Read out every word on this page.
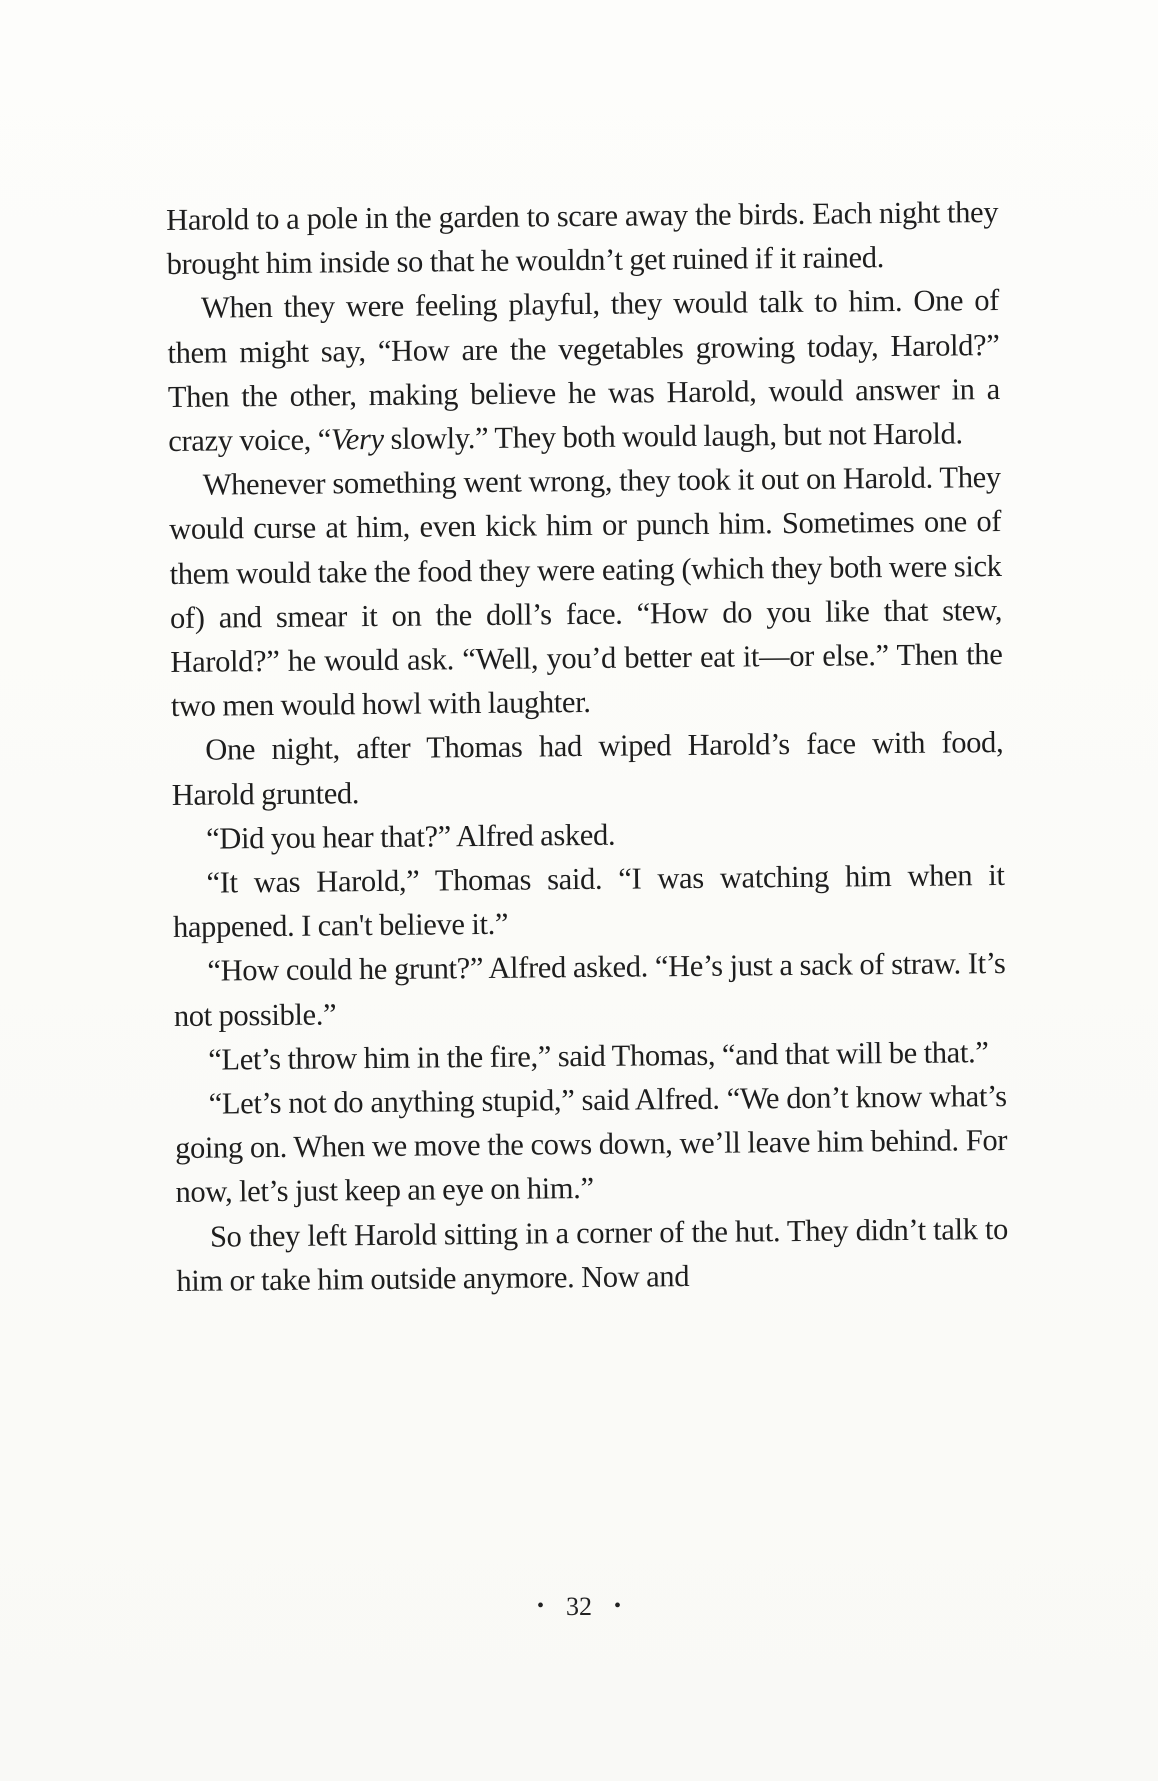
Harold to a pole in the garden to scare away the birds. Each night they brought him inside so that he wouldn’t get ruined if it rained.

When they were feeling playful, they would talk to him. One of them might say, “How are the vegetables growing today, Harold?” Then the other, making believe he was Harold, would answer in a crazy voice, “Very slowly.” They both would laugh, but not Harold.

Whenever something went wrong, they took it out on Harold. They would curse at him, even kick him or punch him. Sometimes one of them would take the food they were eating (which they both were sick of) and smear it on the doll’s face. “How do you like that stew, Harold?” he would ask. “Well, you’d better eat it—or else.” Then the two men would howl with laughter.

One night, after Thomas had wiped Harold’s face with food, Harold grunted.

“Did you hear that?” Alfred asked.

“It was Harold,” Thomas said. “I was watching him when it happened. I can't believe it.”

“How could he grunt?” Alfred asked. “He’s just a sack of straw. It’s not possible.”

“Let’s throw him in the fire,” said Thomas, “and that will be that.”

“Let’s not do anything stupid,” said Alfred. “We don’t know what’s going on. When we move the cows down, we’ll leave him behind. For now, let’s just keep an eye on him.”

So they left Harold sitting in a corner of the hut. They didn’t talk to him or take him outside anymore. Now and

• 32 •
